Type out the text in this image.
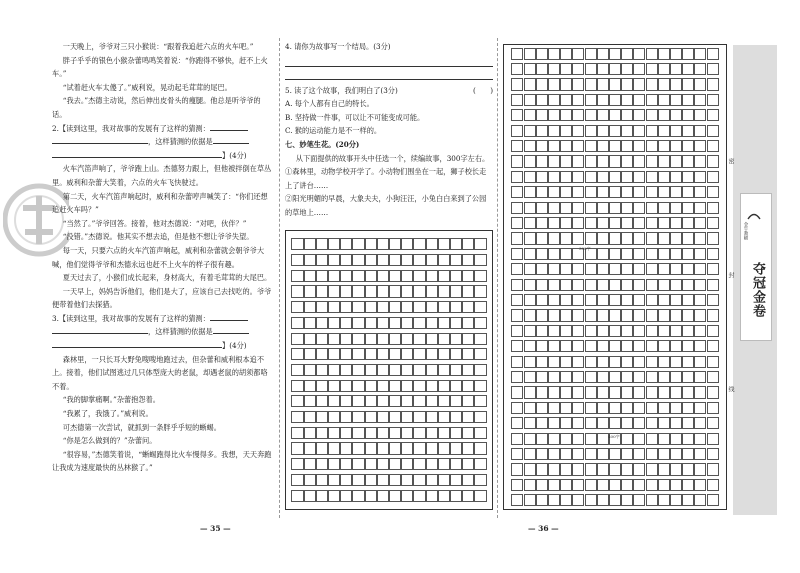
一天晚上，爷爷对三只小猴说：“跟着我追赶六点的火车吧。”

胖子乎乎的银色小猴杂蕾鸣鸣笑着说：“你跑得不够快，赶不上火车。”

“试着赶火车太傻了。”威利说，晃动起毛茸茸的尾巴。

“我去。”杰德主动说，然后伸出皮骨头的瘦腿。他总是听爷爷的话。

2.【读到这里，我对故事的发展有了这样的猜测：

，这样猜测的依据是

】(4分)

火车汽笛声响了，爷爷跑上山。杰德努力跟上，但他被拌倒在草丛里。威利和杂蕾大笑着，六点的火车飞快驶过。

第二天，火车汽笛声响起时，威利和杂蕾哼声喊笑了：“你们还想追赶火车吗？”

“当然了。”爷爷回答。接着，他对杰德说：“对吧，伙伴？”

“没错。”杰德说。他其实不想去追，但是他不想让爷爷失望。

每一天，只要六点的火车汽笛声响起，威利和杂蕾就会朝爷爷大喊，他们觉得爷爷和杰德永远也赶不上火车的样子很有趣。

夏天过去了，小猴们成长起来，身材高大，有着毛茸茸的大尾巴。

一天早上，妈妈告诉他们，他们是大了，应该自己去找吃的。爷爷便带着他们去探猎。

3.【读到这里，我对故事的发展有了这样的猜测：

，这样猜测的依据是

】(4分)

森林里，一只长耳大野兔嗖嗖地跑过去，但杂蕾和威利根本追不上。接着，他们试图逃过几只体型庞大的老鼠，却遇老鼠的胡须都咯不着。

“我的脚掌痛啊。”杂蕾抱怨着。

“我累了，我饿了。”威利说。

可杰德第一次尝试，就抓到一条胖乎乎短的蜥蜴。

“你是怎么做到的？”杂蕾问。

“很容易，”杰德笑着说，“蜥蜴跑得比火车慢得多。我想，天天奔跑让我成为速度最快的丛林猴了。”

— 35 —	— 36 —

4. 请你为故事写一个结局。(3分)

5. 读了这个故事，我们明白了(3分)	(　　)

A. 每个人都有自己的特长。

B. 坚持做一件事，可以让不可能变成可能。

C. 猴的运动能力是不一样的。

七、妙笔生花。(20分)

从下面提供的故事开头中任选一个，续编故事，300字左右。

①森林里，动物学校开学了。小动物们围坐在一起，狮子校长走上了讲台……

②阳光明媚的早晨，大象夫夫，小狗汪汪，小兔白白来到了公园的草地上……

300字
400字
密
封
线
金牛教辅
夺冠金卷
